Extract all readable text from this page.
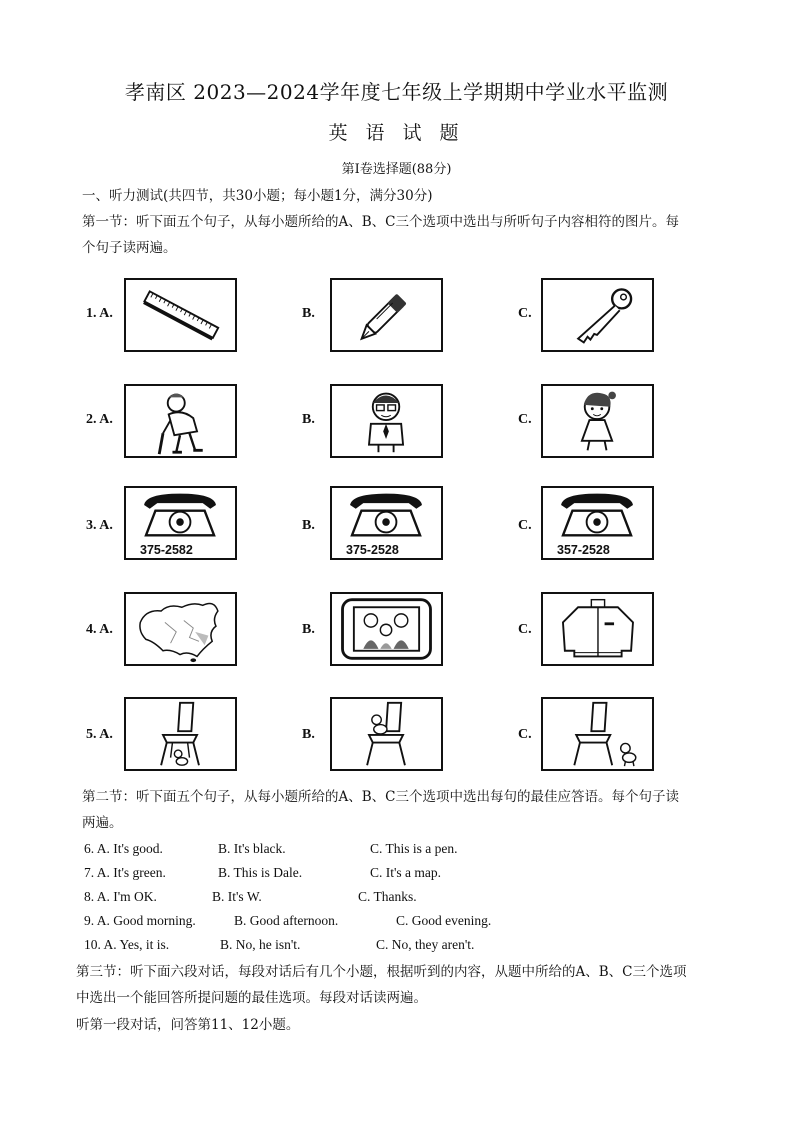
孝南区 2023—2024学年度七年级上学期期中学业水平监测
英 语 试 题
第Ⅰ卷选择题(88分)
一、听力测试(共四节，共30小题；每小题1分，满分30分)
第一节：听下面五个句子，从每小题所给的A、B、C三个选项中选出与所听句子内容相符的图片。每
个句子读两遍。
1. A.	B.	C.
2. A.	B.	C.
3. A.
375-2582
B.
375-2528
C.
357-2528
4. A.	B.	C.
5. A.	B.	C.
第二节：听下面五个句子，从每小题所给的A、B、C三个选项中选出每句的最佳应答语。每个句子读
两遍。
6. A. It's good.	B. It's black.	C. This is a pen.
7. A. It's green.	B. This is Dale.	C. It's a map.
8. A. I'm OK.	B. It's W.	C. Thanks.
9. A. Good morning.	B. Good afternoon.	C. Good evening.
10. A. Yes, it is.	B. No, he isn't.	C. No, they aren't.
第三节：听下面六段对话，每段对话后有几个小题，根据听到的内容，从题中所给的A、B、C三个选项
中选出一个能回答所提问题的最佳选项。每段对话读两遍。
听第一段对话，问答第11、12小题。
